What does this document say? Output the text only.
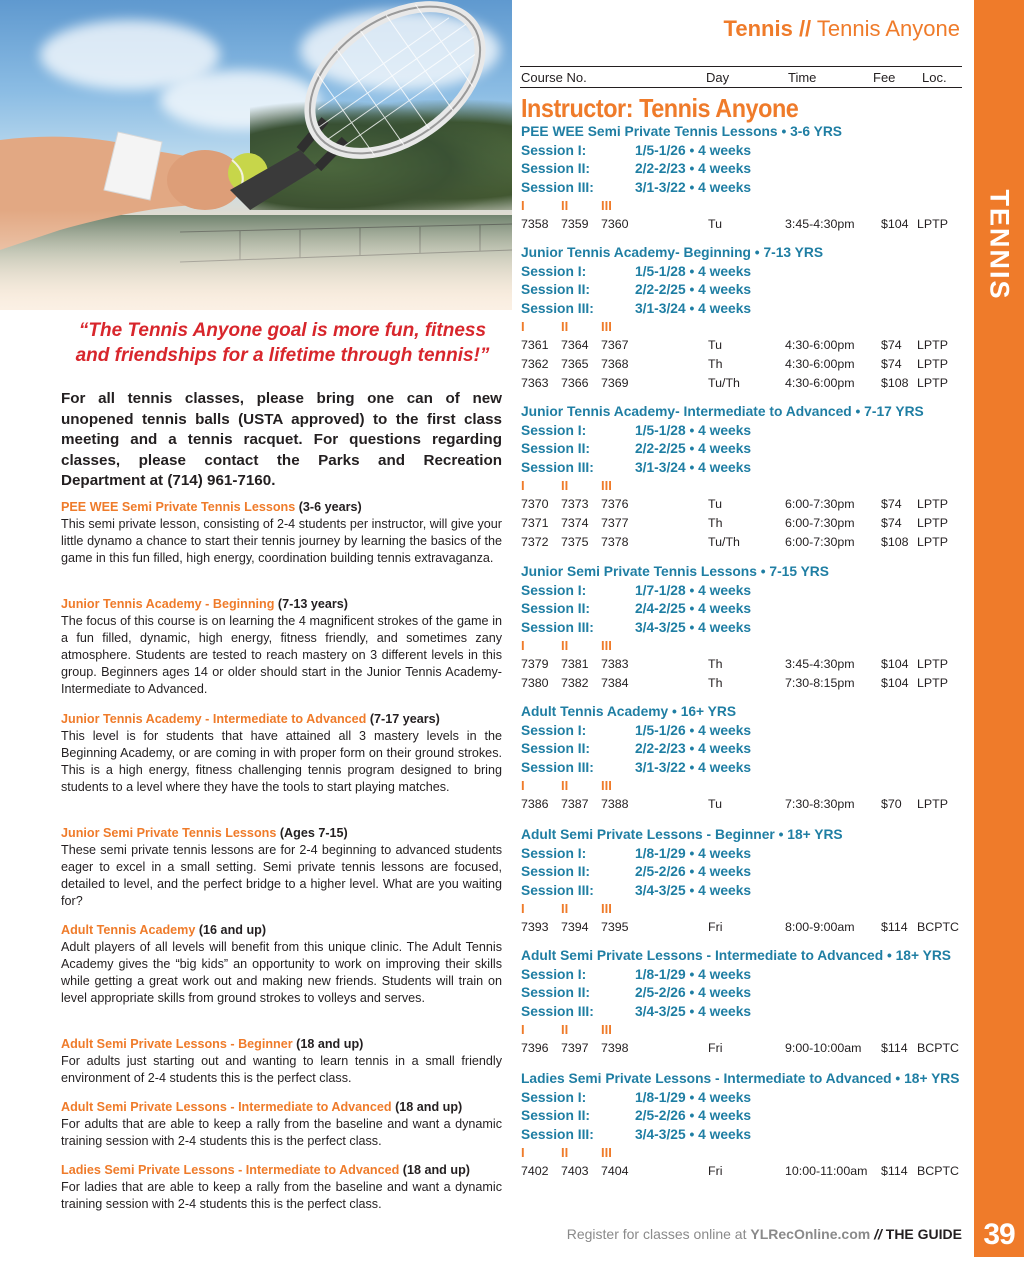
“The Tennis Anyone goal is more fun, fitness and friendships for a lifetime through tennis!”
For all tennis classes, please bring one can of new unopened tennis balls (USTA approved) to the first class meeting and a tennis racquet. For questions regarding classes, please contact the Parks and Recreation Department at (714) 961-7160.
PEE WEE Semi Private Tennis Lessons (3-6 years)
This semi private lesson, consisting of 2-4 students per instructor, will give your little dynamo a chance to start their tennis journey by learning the basics of the game in this fun filled, high energy, coordination building tennis extravaganza.
Junior Tennis Academy - Beginning (7-13 years)
The focus of this course is on learning the 4 magnificent strokes of the game in a fun filled, dynamic, high energy, fitness friendly, and sometimes zany atmosphere. Students are tested to reach mastery on 3 different levels in this group. Beginners ages 14 or older should start in the Junior Tennis Academy- Intermediate to Advanced.
Junior Tennis Academy - Intermediate to Advanced (7-17 years)
This level is for students that have attained all 3 mastery levels in the Beginning Academy, or are coming in with proper form on their ground strokes. This is a high energy, fitness challenging tennis program designed to bring students to a level where they have the tools to start playing matches.
Junior Semi Private Tennis Lessons (Ages 7-15)
These semi private tennis lessons are for 2-4 beginning to advanced students eager to excel in a small setting. Semi private tennis lessons are focused, detailed to level, and the perfect bridge to a higher level. What are you waiting for?
Adult Tennis Academy (16 and up)
Adult players of all levels will benefit from this unique clinic. The Adult Tennis Academy gives the “big kids” an opportunity to work on improving their skills while getting a great work out and making new friends. Students will train on level appropriate skills from ground strokes to volleys and serves.
Adult Semi Private Lessons - Beginner (18 and up)
For adults just starting out and wanting to learn tennis in a small friendly environment of 2-4 students this is the perfect class.
Adult Semi Private Lessons - Intermediate to Advanced (18 and up)
For adults that are able to keep a rally from the baseline and want a dynamic training session with 2-4 students this is the perfect class.
Ladies Semi Private Lessons - Intermediate to Advanced (18 and up)
For ladies that are able to keep a rally from the baseline and want a dynamic training session with 2-4 students this is the perfect class.
Tennis // Tennis Anyone
Course No.	Day	Time	Fee Loc.
Instructor: Tennis Anyone
PEE WEE Semi Private Tennis Lessons • 3-6 YRS
Session I:	1/5-1/26 • 4 weeks
Session II:	2/2-2/23 • 4 weeks
Session III:	3/1-3/22 • 4 weeks
I	II	III
7358 7359 7360	Tu	3:45-4:30pm $104 LPTP
Junior Tennis Academy- Beginning • 7-13 YRS
Session I:	1/5-1/28 • 4 weeks
Session II:	2/2-2/25 • 4 weeks
Session III:	3/1-3/24 • 4 weeks
I	II	III
7361 7364 7367	Tu	4:30-6:00pm $74 LPTP
7362 7365 7368	Th	4:30-6:00pm $74 LPTP
7363 7366 7369	Tu/Th	4:30-6:00pm $108 LPTP
Junior Tennis Academy- Intermediate to Advanced • 7-17 YRS
Session I:	1/5-1/28 • 4 weeks
Session II:	2/2-2/25 • 4 weeks
Session III:	3/1-3/24 • 4 weeks
I	II	III
7370 7373 7376	Tu	6:00-7:30pm $74 LPTP
7371 7374 7377	Th	6:00-7:30pm $74 LPTP
7372 7375 7378	Tu/Th	6:00-7:30pm $108 LPTP
Junior Semi Private Tennis Lessons • 7-15 YRS
Session I:	1/7-1/28 • 4 weeks
Session II:	2/4-2/25 • 4 weeks
Session III:	3/4-3/25 • 4 weeks
I	II	III
7379 7381 7383	Th	3:45-4:30pm $104 LPTP
7380 7382 7384	Th	7:30-8:15pm $104 LPTP
Adult Tennis Academy • 16+ YRS
Session I:	1/5-1/26 • 4 weeks
Session II:	2/2-2/23 • 4 weeks
Session III:	3/1-3/22 • 4 weeks
I	II	III
7386 7387 7388	Tu	7:30-8:30pm $70 LPTP
Adult Semi Private Lessons - Beginner • 18+ YRS
Session I:	1/8-1/29 • 4 weeks
Session II:	2/5-2/26 • 4 weeks
Session III:	3/4-3/25 • 4 weeks
I	II	III
7393 7394 7395	Fri	8:00-9:00am $114 BCPTC
Adult Semi Private Lessons - Intermediate to Advanced • 18+ YRS
Session I:	1/8-1/29 • 4 weeks
Session II:	2/5-2/26 • 4 weeks
Session III:	3/4-3/25 • 4 weeks
I	II	III
7396 7397 7398	Fri	9:00-10:00am $114 BCPTC
Ladies Semi Private Lessons - Intermediate to Advanced • 18+ YRS
Session I:	1/8-1/29 • 4 weeks
Session II:	2/5-2/26 • 4 weeks
Session III:	3/4-3/25 • 4 weeks
I	II	III
7402 7403 7404	Fri	10:00-11:00am $114 BCPTC
TENNIS
39
Register for classes online at YLRecOnline.com // THE GUIDE
